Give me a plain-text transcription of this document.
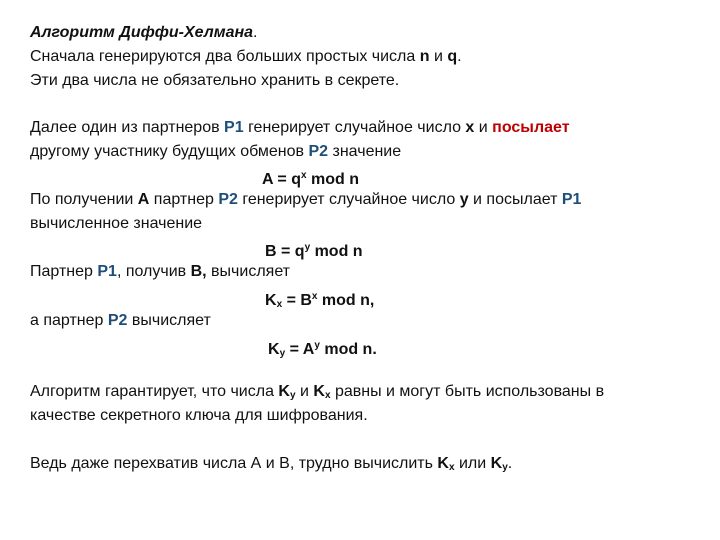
Алгоритм Диффи-Хелмана.
Сначала генерируются два больших простых числа n и q.
Эти два числа не обязательно хранить в секрете.
Далее один из партнеров P1 генерирует случайное число x и посылает
другому участнику будущих обменов P2 значение
$A = q^x$ mod n
По получении A партнер P2 генерирует случайное число y и посылает P1
вычисленное значение
$B = q^y$ mod n
Партнер P1, получив B, вычисляет
$K_x = B^x$ mod n,
а партнер P2 вычисляет
$K_y = A^y$ mod n.
Алгоритм гарантирует, что числа $K_y$ и $K_x$ равны и могут быть использованы в
качестве секретного ключа для шифрования.
Ведь даже перехватив числа А и В, трудно вычислить $K_x$ или $K_y$.
